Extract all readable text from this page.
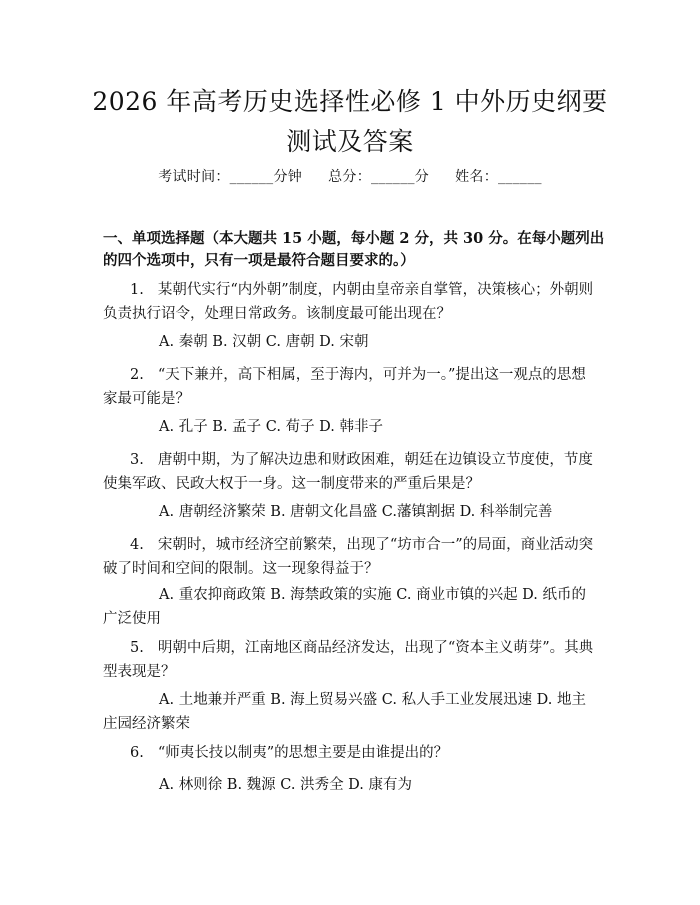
2026 年高考历史选择性必修 1 中外历史纲要
测试及答案
考试时间：______分钟 总分：______分 姓名：______
一、单项选择题（本大题共 15 小题，每小题 2 分，共 30 分。在每小题列出的四个选项中，只有一项是最符合题目要求的。）
1. 某朝代实行“内外朝”制度，内朝由皇帝亲自掌管，决策核心；外朝则负责执行诏令，处理日常政务。该制度最可能出现在？
A. 秦朝 B. 汉朝 C. 唐朝 D. 宋朝
2. “天下兼并，高下相属，至于海内，可并为一。”提出这一观点的思想家最可能是？
A. 孔子 B. 孟子 C. 荀子 D. 韩非子
3. 唐朝中期，为了解决边患和财政困难，朝廷在边镇设立节度使，节度使集军政、民政大权于一身。这一制度带来的严重后果是？
A. 唐朝经济繁荣 B. 唐朝文化昌盛 C.藩镇割据 D. 科举制完善
4. 宋朝时，城市经济空前繁荣，出现了“坊市合一”的局面，商业活动突破了时间和空间的限制。这一现象得益于？
A. 重农抑商政策 B. 海禁政策的实施 C. 商业市镇的兴起 D. 纸币的广泛使用
5. 明朝中后期，江南地区商品经济发达，出现了“资本主义萌芽”。其典型表现是？
A. 土地兼并严重 B. 海上贸易兴盛 C. 私人手工业发展迅速 D. 地主庄园经济繁荣
6. “师夷长技以制夷”的思想主要是由谁提出的？
A. 林则徐 B. 魏源 C. 洪秀全 D. 康有为
